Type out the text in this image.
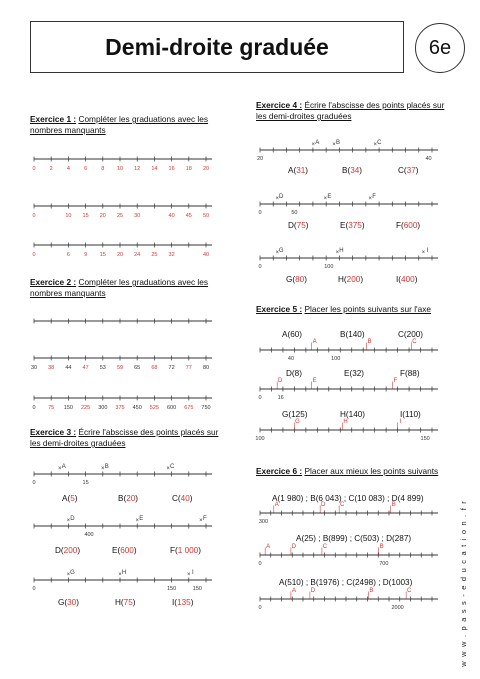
Demi-droite graduée	6e
Exercice 1 : Compléter les graduations avec les nombres manquants
Exercice 2 : Compléter les graduations avec les nombres manquants
Exercice 3 : Écrire l'abscisse des points placés sur les demi-droites graduées
Exercice 4 : Écrire l'abscisse des points placés sur les demi-droites graduées
Exercice 5 : Placer les points suivants sur l'axe
Exercice 6 : Placer aux mieux les points suivants
A(5)	B(20)	C(40)
D(200)	E(600)	F(1 000)
G(30)	H(75)	I(135)
A(31)	B(34)	C(37)
D(75)	E(375)	F(600)
G(80)	H(200)	I(400)
A(60)	B(140)	C(200)
D(8)	E(32)	F(88)
G(125)	H(140)	I(110)
A(1 980) ; B(6 043) ; C(10 083) ; D(4 899)
A(25) ; B(899) ; C(503) ; D(287)
A(510) ; B(1976) ; C(2498) ; D(1003)	w w w . p a s s - e d u c a t i o n . f r
0	2	4	6	8 10 12 14 16 18 20
0	10 15 20 25 30	40 45 50
0	6	9 15 20 24 25 32	40
30 38 44 47 53 59 65 68 72 77 80
0 75 150 225 300 375 450 525 600 675 750
× A	× B	× C
0	15
× D	× E	× F
400
× G	× H	× I
0	150	150
× A × B	× C
20	40
× D	× E	× F
0	50
× G	× H	× I
0	100
|
A
|
B
|
C
40	100
|
D
|
E
|
F
0	16
|
G
|
H
|
I
100	150
|
A
|
D
|
C
|
B
300
|
A
|
D
|
C
|
B
0	700
|
A
|
D
|
B
|
C
0	2000
